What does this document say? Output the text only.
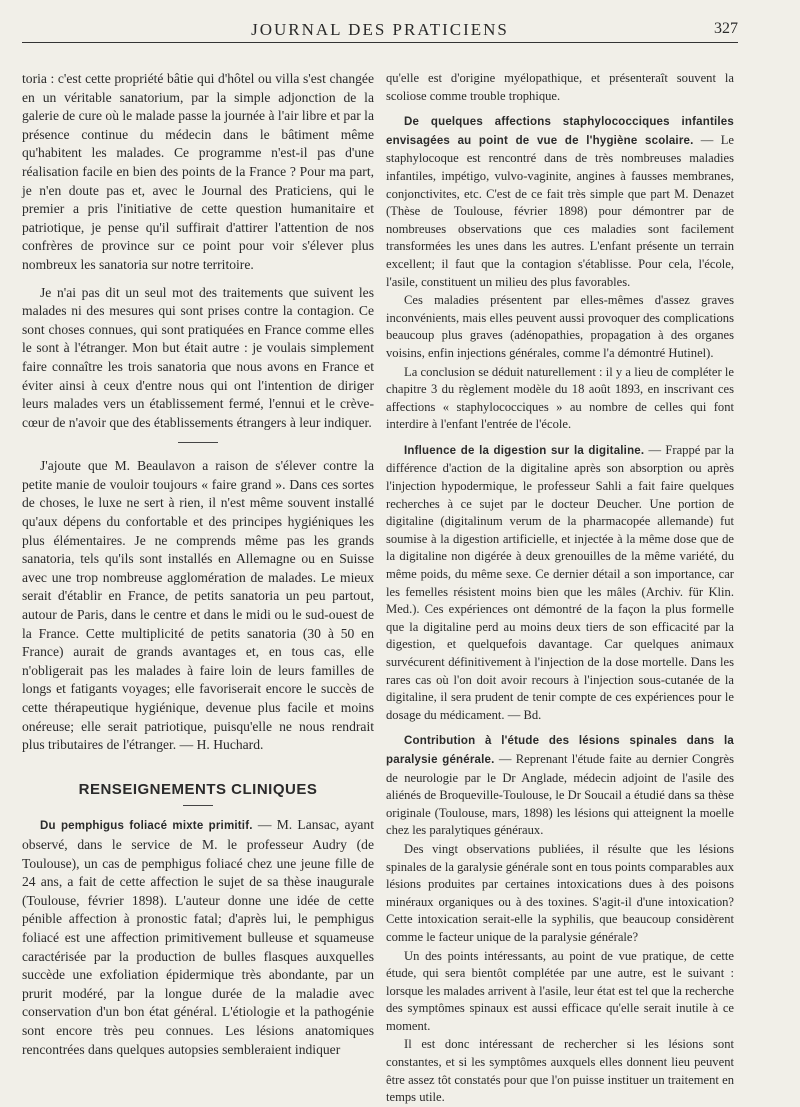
JOURNAL DES PRATICIENS	327

toria : c'est cette propriété bâtie qui d'hôtel ou villa s'est changée en un véritable sanatorium, par la simple adjonction de la galerie de cure où le malade passe la journée à l'air libre et par la présence continue du médecin dans le bâtiment même qu'habitent les malades. Ce programme n'est-il pas d'une réalisation facile en bien des points de la France ? Pour ma part, je n'en doute pas et, avec le Journal des Praticiens, qui le premier a pris l'initiative de cette question humanitaire et patriotique, je pense qu'il suffirait d'attirer l'attention de nos confrères de province sur ce point pour voir s'élever plus nombreux les sanatoria sur notre territoire.

Je n'ai pas dit un seul mot des traitements que suivent les malades ni des mesures qui sont prises contre la contagion. Ce sont choses connues, qui sont pratiquées en France comme elles le sont à l'étranger. Mon but était autre : je voulais simplement faire connaître les trois sanatoria que nous avons en France et éviter ainsi à ceux d'entre nous qui ont l'intention de diriger leurs malades vers un établissement fermé, l'ennui et le crève-cœur de n'avoir que des établissements étrangers à leur indiquer.

J'ajoute que M. Beaulavon a raison de s'élever contre la petite manie de vouloir toujours « faire grand ». Dans ces sortes de choses, le luxe ne sert à rien, il n'est même souvent installé qu'aux dépens du confortable et des principes hygiéniques les plus élémentaires. Je ne comprends même pas les grands sanatoria, tels qu'ils sont installés en Allemagne ou en Suisse avec une trop nombreuse agglomération de malades. Le mieux serait d'établir en France, de petits sanatoria un peu partout, autour de Paris, dans le centre et dans le midi ou le sud-ouest de la France. Cette multiplicité de petits sanatoria (30 à 50 en France) aurait de grands avantages et, en tous cas, elle n'obligerait pas les malades à faire loin de leurs familles de longs et fatigants voyages; elle favoriserait encore le succès de cette thérapeutique hygiénique, devenue plus facile et moins onéreuse; elle serait patriotique, puisqu'elle ne nous rendrait plus tributaires de l'étranger. — H. Huchard.

RENSEIGNEMENTS CLINIQUES

Du pemphigus foliacé mixte primitif. — M. Lansac, ayant observé, dans le service de M. le professeur Audry (de Toulouse), un cas de pemphigus foliacé chez une jeune fille de 24 ans, a fait de cette affection le sujet de sa thèse inaugurale (Toulouse, février 1898). L'auteur donne une idée de cette pénible affection à pronostic fatal; d'après lui, le pemphigus foliacé est une affection primitivement bulleuse et squameuse caractérisée par la production de bulles flasques auxquelles succède une exfoliation épidermique très abondante, par un prurit modéré, par la longue durée de la maladie avec conservation d'un bon état général. L'étiologie et la pathogénie sont encore très peu connues. Les lésions anatomiques rencontrées dans quelques autopsies sembleraient indiquer

qu'elle est d'origine myélopathique, et présenteraît souvent la scoliose comme trouble trophique.

De quelques affections staphylococciques infantiles envisagées au point de vue de l'hygiène scolaire. — Le staphylocoque est rencontré dans de très nombreuses maladies infantiles, impétigo, vulvo-vaginite, angines à fausses membranes, conjonctivites, etc. C'est de ce fait très simple que part M. Denazet (Thèse de Toulouse, février 1898) pour démontrer par de nombreuses observations que ces maladies sont facilement transformées les unes dans les autres. L'enfant présente un terrain excellent; il faut que la contagion s'établisse. Pour cela, l'école, l'asile, constituent un milieu des plus favorables.

Ces maladies présentent par elles-mêmes d'assez graves inconvénients, mais elles peuvent aussi provoquer des complications beaucoup plus graves (adénopathies, propagation à des organes voisins, enfin injections générales, comme l'a démontré Hutinel).

La conclusion se déduit naturellement : il y a lieu de compléter le chapitre 3 du règlement modèle du 18 août 1893, en inscrivant ces affections « staphylococciques » au nombre de celles qui font interdire à l'enfant l'entrée de l'école.

Influence de la digestion sur la digitaline. — Frappé par la différence d'action de la digitaline après son absorption ou après l'injection hypodermique, le professeur Sahli a fait faire quelques recherches à ce sujet par le docteur Deucher. Une portion de digitaline (digitalinum verum de la pharmacopée allemande) fut soumise à la digestion artificielle, et injectée à la même dose que de la digitaline non digérée à deux grenouilles de la même variété, du même poids, du même sexe. Ce dernier détail a son importance, car les femelles résistent moins bien que les mâles (Archiv. für Klin. Med.). Ces expériences ont démontré de la façon la plus formelle que la digitaline perd au moins deux tiers de son efficacité par la digestion, et quelquefois davantage. Car quelques animaux survécurent définitivement à l'injection de la dose mortelle. Dans les rares cas où l'on doit avoir recours à l'injection sous-cutanée de la digitaline, il sera prudent de tenir compte de ces expériences pour le dosage du médicament. — Bd.

Contribution à l'étude des lésions spinales dans la paralysie générale. — Reprenant l'étude faite au dernier Congrès de neurologie par le Dr Anglade, médecin adjoint de l'asile des aliénés de Broqueville-Toulouse, le Dr Soucail a étudié dans sa thèse originale (Toulouse, mars, 1898) les lésions qui atteignent la moelle chez les paralytiques généraux.

Des vingt observations publiées, il résulte que les lésions spinales de la garalysie générale sont en tous points comparables aux lésions produites par certaines intoxications dues à des poisons minéraux organiques ou à des toxines. S'agit-il d'une intoxication? Cette intoxication serait-elle la syphilis, que beaucoup considèrent comme le facteur unique de la paralysie générale?

Un des points intéressants, au point de vue pratique, de cette étude, qui sera bientôt complétée par une autre, est le suivant : lorsque les malades arrivent à l'asile, leur état est tel que la recherche des symptômes spinaux est aussi efficace qu'elle serait inutile à ce moment.

Il est donc intéressant de rechercher si les lésions sont constantes, et si les symptômes auxquels elles donnent lieu peuvent être assez tôt constatés pour que l'on puisse instituer un traitement en temps utile.
